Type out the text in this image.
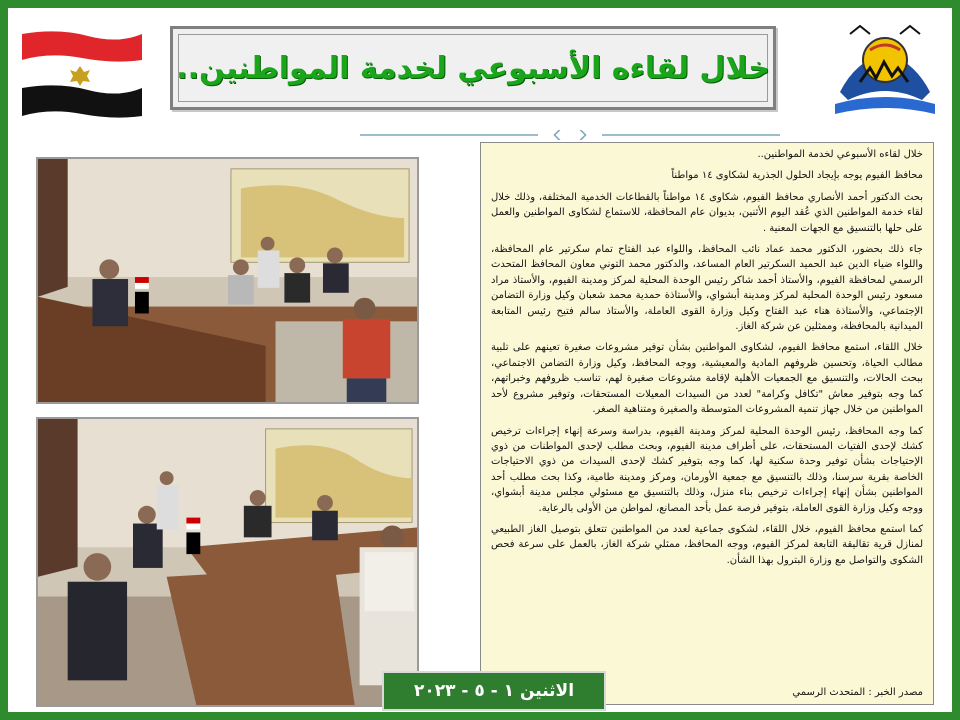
خلال لقاءه الأسبوعي لخدمة المواطنين..

خلال لقاءه الأسبوعي لخدمة المواطنين..

محافظ الفيوم يوجه بإيجاد الحلول الجذرية لشكاوى ١٤ مواطناً

بحث الدكتور أحمد الأنصاري محافظ الفيوم، شكاوى ١٤ مواطناً بالقطاعات الخدمية المختلفة، وذلك خلال لقاء خدمة المواطنين الذي عُقد اليوم الأثنين، بديوان عام المحافظة، للاستماع لشكاوى المواطنين والعمل على حلها بالتنسيق مع الجهات المعنية .

جاء ذلك بحضور، الدكتور محمد عماد نائب المحافظ، واللواء عبد الفتاح تمام سكرتير عام المحافظة، واللواء ضياء الدين عبد الحميد السكرتير العام المساعد، والدكتور محمد التوني معاون المحافظ المتحدث الرسمي لمحافظة الفيوم، والأستاذ أحمد شاكر رئيس الوحدة المحلية لمركز ومدينة الفيوم، والأستاذ مراد مسعود رئيس الوحدة المحلية لمركز ومدينة أبشواي، والأستاذة حمدية محمد شعبان وكيل وزارة التضامن الإجتماعي، والأستاذة هناء عبد الفتاح وكيل وزارة القوى العاملة، والأستاذ سالم فتيح رئيس المتابعة الميدانية بالمحافظة، وممثلين عن شركة الغاز.

خلال اللقاء، استمع محافظ الفيوم، لشكاوى المواطنين بشأن توفير مشروعات صغيرة تعينهم على تلبية مطالب الحياة، وتحسين ظروفهم المادية والمعيشية، ووجه المحافظ، وكيل وزارة التضامن الاجتماعي، ببحث الحالات، والتنسيق مع الجمعيات الأهلية لإقامة مشروعات صغيرة لهم، تناسب ظروفهم وخبراتهم، كما وجه بتوفير معاش "تكافل وكرامة" لعدد من السيدات المعيلات المستحقات، وتوفير مشروع لأحد المواطنين من خلال جهاز تنمية المشروعات المتوسطة والصغيرة ومتناهية الصغر.

كما وجه المحافظ، رئيس الوحدة المحلية لمركز ومدينة الفيوم، بدراسة وسرعة إنهاء إجراءات ترخيص كشك لإحدى الفتيات المستحقات، على أطراف مدينة الفيوم، وبحث مطلب لإحدى المواطنات من ذوي الإحتياجات بشأن توفير وحدة سكنية لها، كما وجه بتوفير كشك لإحدى السيدات من ذوي الاحتياجات الخاصة بقرية سرسنا، وذلك بالتنسيق مع جمعية الأورمان، ومركز ومدينة طامية، وكذا بحث مطلب أحد المواطنين بشأن إنهاء إجراءات ترخيص بناء منزل، وذلك بالتنسيق مع مسئولي مجلس مدينة أبشواي، ووجه وكيل وزارة القوى العاملة، بتوفير فرصة عمل بأحد المصانع، لمواطن من الأولى بالرعاية.

كما استمع محافظ الفيوم، خلال اللقاء، لشكوى جماعية لعدد من المواطنين تتعلق بتوصيل الغاز الطبيعي لمنازل قرية تقاليقة التابعة لمركز الفيوم، ووجه المحافظ، ممثلي شركة الغاز، بالعمل على سرعة فحص الشكوى والتواصل مع وزارة البترول بهذا الشأن.

مصدر الخبر : المتحدث الرسمي

الاثنين ١ - ٥ - ٢٠٢٣
